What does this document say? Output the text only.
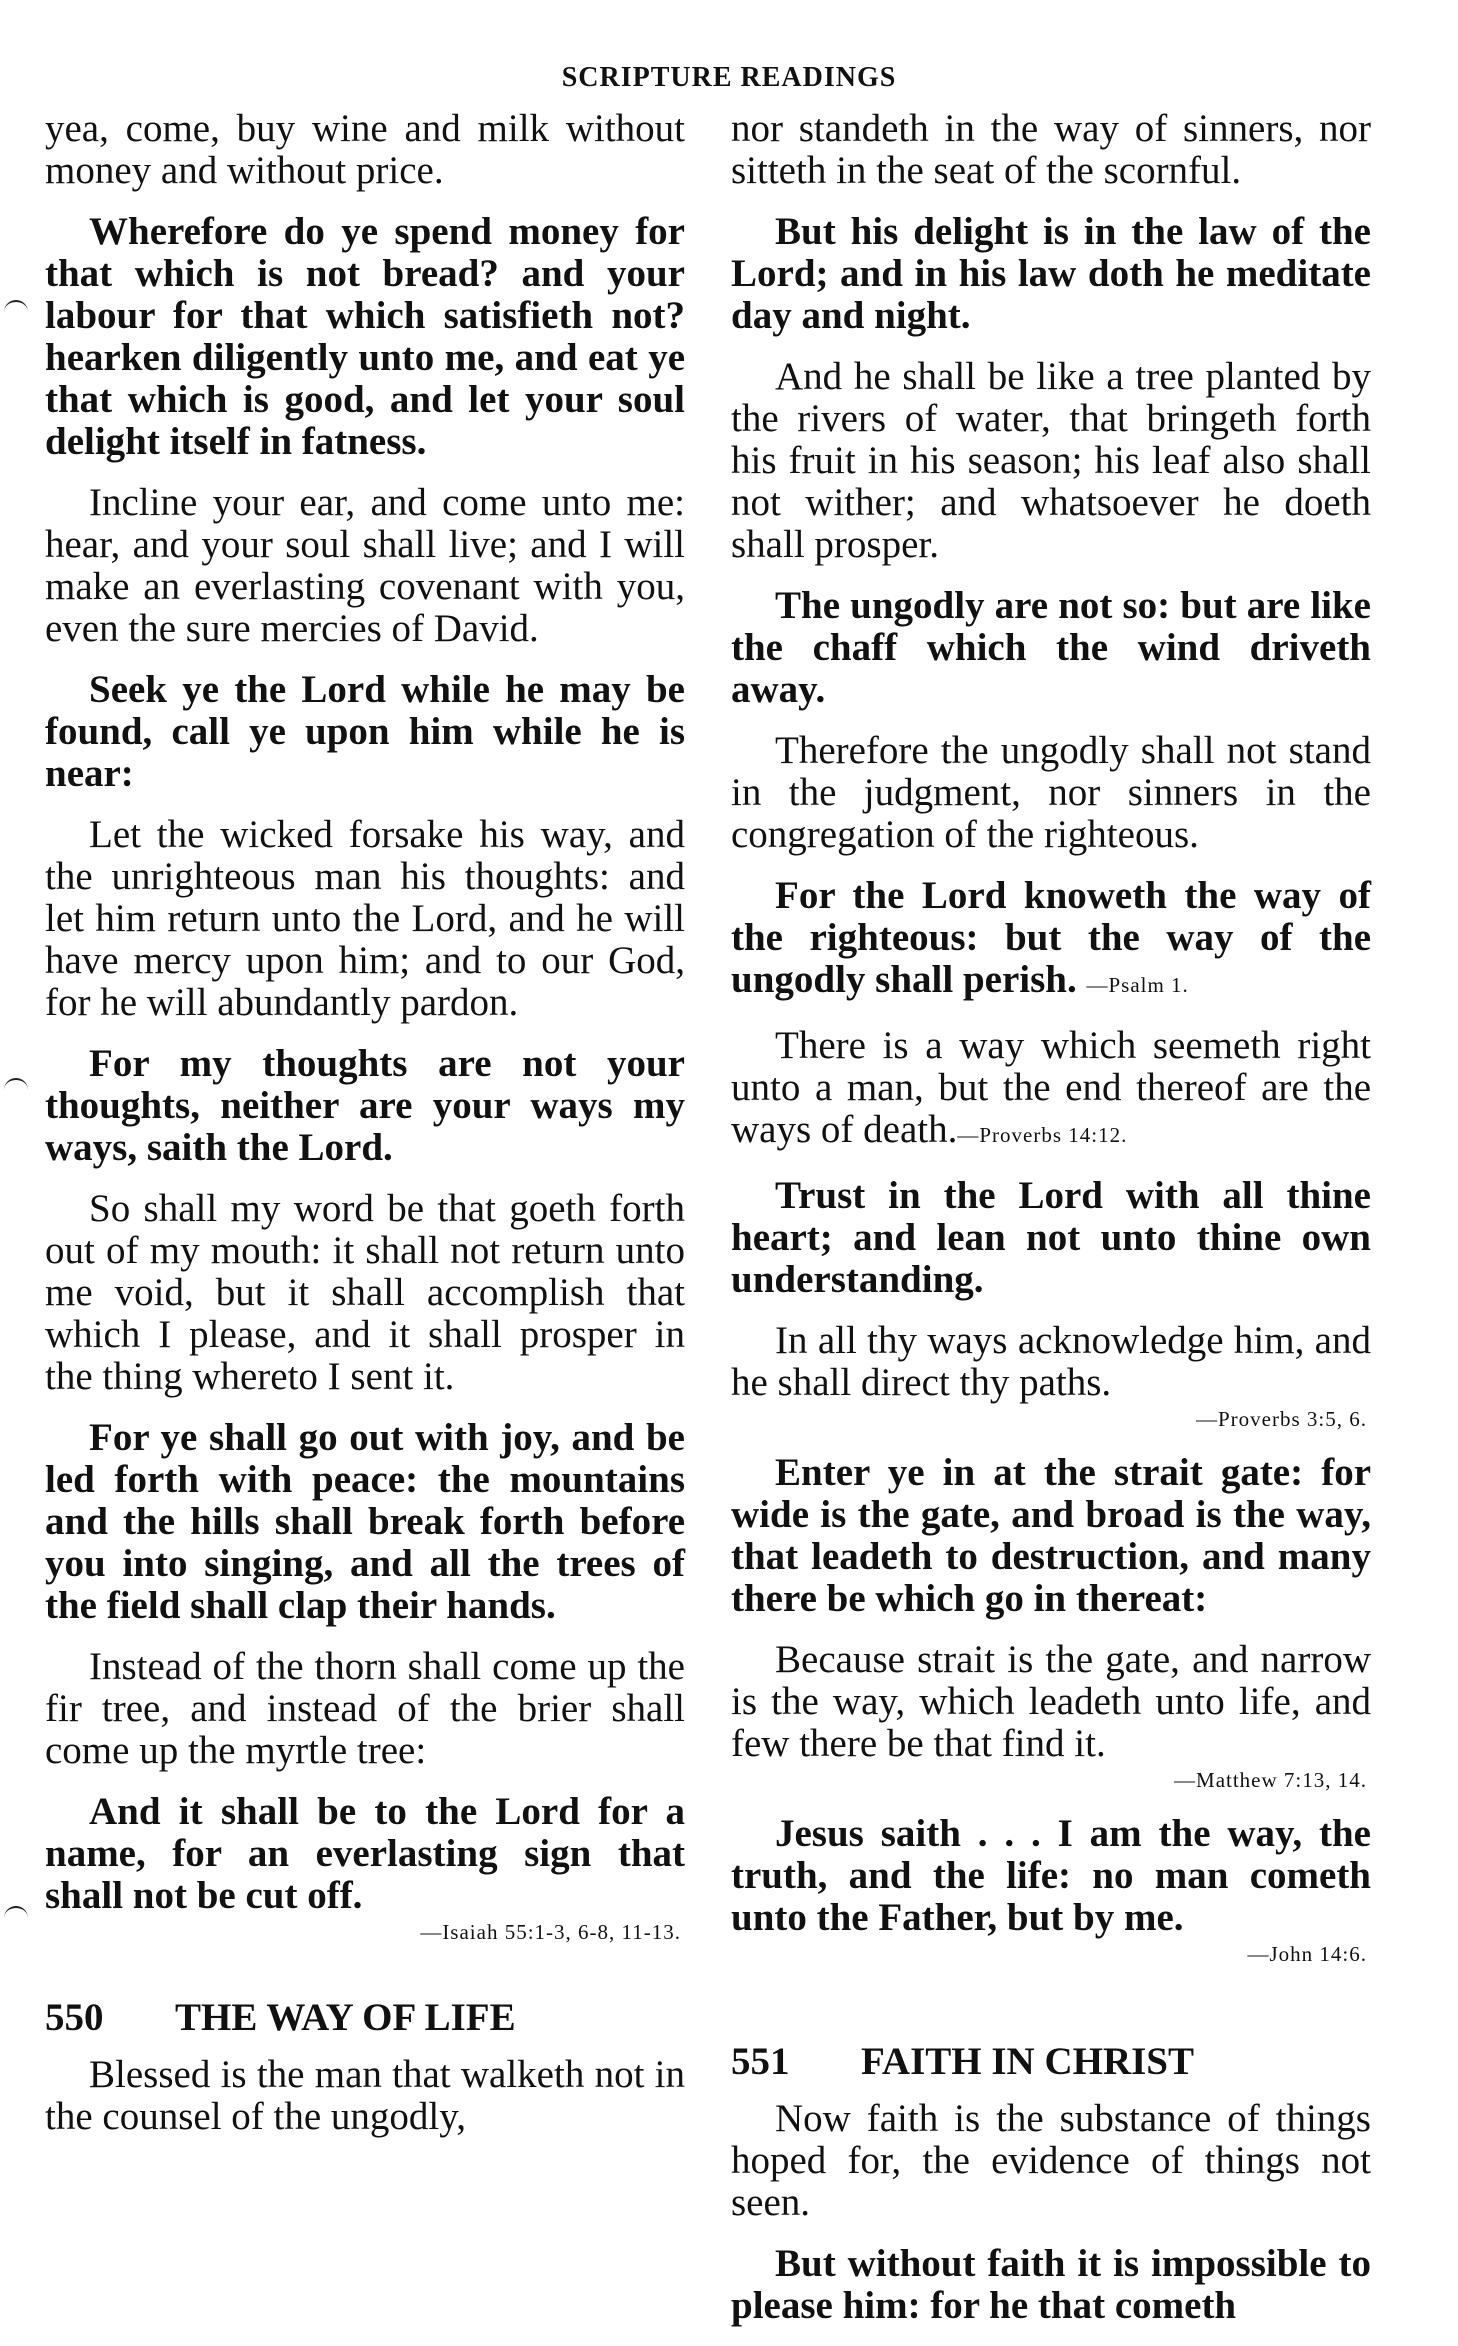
SCRIPTURE READINGS

yea, come, buy wine and milk without money and without price.

Wherefore do ye spend money for that which is not bread? and your labour for that which satisfieth not? hearken diligently unto me, and eat ye that which is good, and let your soul delight itself in fatness.

Incline your ear, and come unto me: hear, and your soul shall live; and I will make an everlasting covenant with you, even the sure mercies of David.

Seek ye the Lord while he may be found, call ye upon him while he is near:

Let the wicked forsake his way, and the unrighteous man his thoughts: and let him return unto the Lord, and he will have mercy upon him; and to our God, for he will abundantly pardon.

For my thoughts are not your thoughts, neither are your ways my ways, saith the Lord.

So shall my word be that goeth forth out of my mouth: it shall not return unto me void, but it shall accomplish that which I please, and it shall prosper in the thing whereto I sent it.

For ye shall go out with joy, and be led forth with peace: the mountains and the hills shall break forth before you into singing, and all the trees of the field shall clap their hands.

Instead of the thorn shall come up the fir tree, and instead of the brier shall come up the myrtle tree:

And it shall be to the Lord for a name, for an everlasting sign that shall not be cut off.

—Isaiah 55:1-3, 6-8, 11-13.
550 THE WAY OF LIFE

Blessed is the man that walketh not in the counsel of the ungodly,

nor standeth in the way of sinners, nor sitteth in the seat of the scornful.

But his delight is in the law of the Lord; and in his law doth he meditate day and night.

And he shall be like a tree planted by the rivers of water, that bringeth forth his fruit in his season; his leaf also shall not wither; and whatsoever he doeth shall prosper.

The ungodly are not so: but are like the chaff which the wind driveth away.

Therefore the ungodly shall not stand in the judgment, nor sinners in the congregation of the righteous.

For the Lord knoweth the way of the righteous: but the way of the ungodly shall perish. —Psalm 1.

There is a way which seemeth right unto a man, but the end thereof are the ways of death.—Proverbs 14:12.

Trust in the Lord with all thine heart; and lean not unto thine own understanding.

In all thy ways acknowledge him, and he shall direct thy paths.

—Proverbs 3:5, 6.

Enter ye in at the strait gate: for wide is the gate, and broad is the way, that leadeth to destruction, and many there be which go in thereat:

Because strait is the gate, and narrow is the way, which leadeth unto life, and few there be that find it.

—Matthew 7:13, 14.

Jesus saith . . . I am the way, the truth, and the life: no man cometh unto the Father, but by me.

—John 14:6.
551 FAITH IN CHRIST

Now faith is the substance of things hoped for, the evidence of things not seen.

But without faith it is impossible to please him: for he that cometh
